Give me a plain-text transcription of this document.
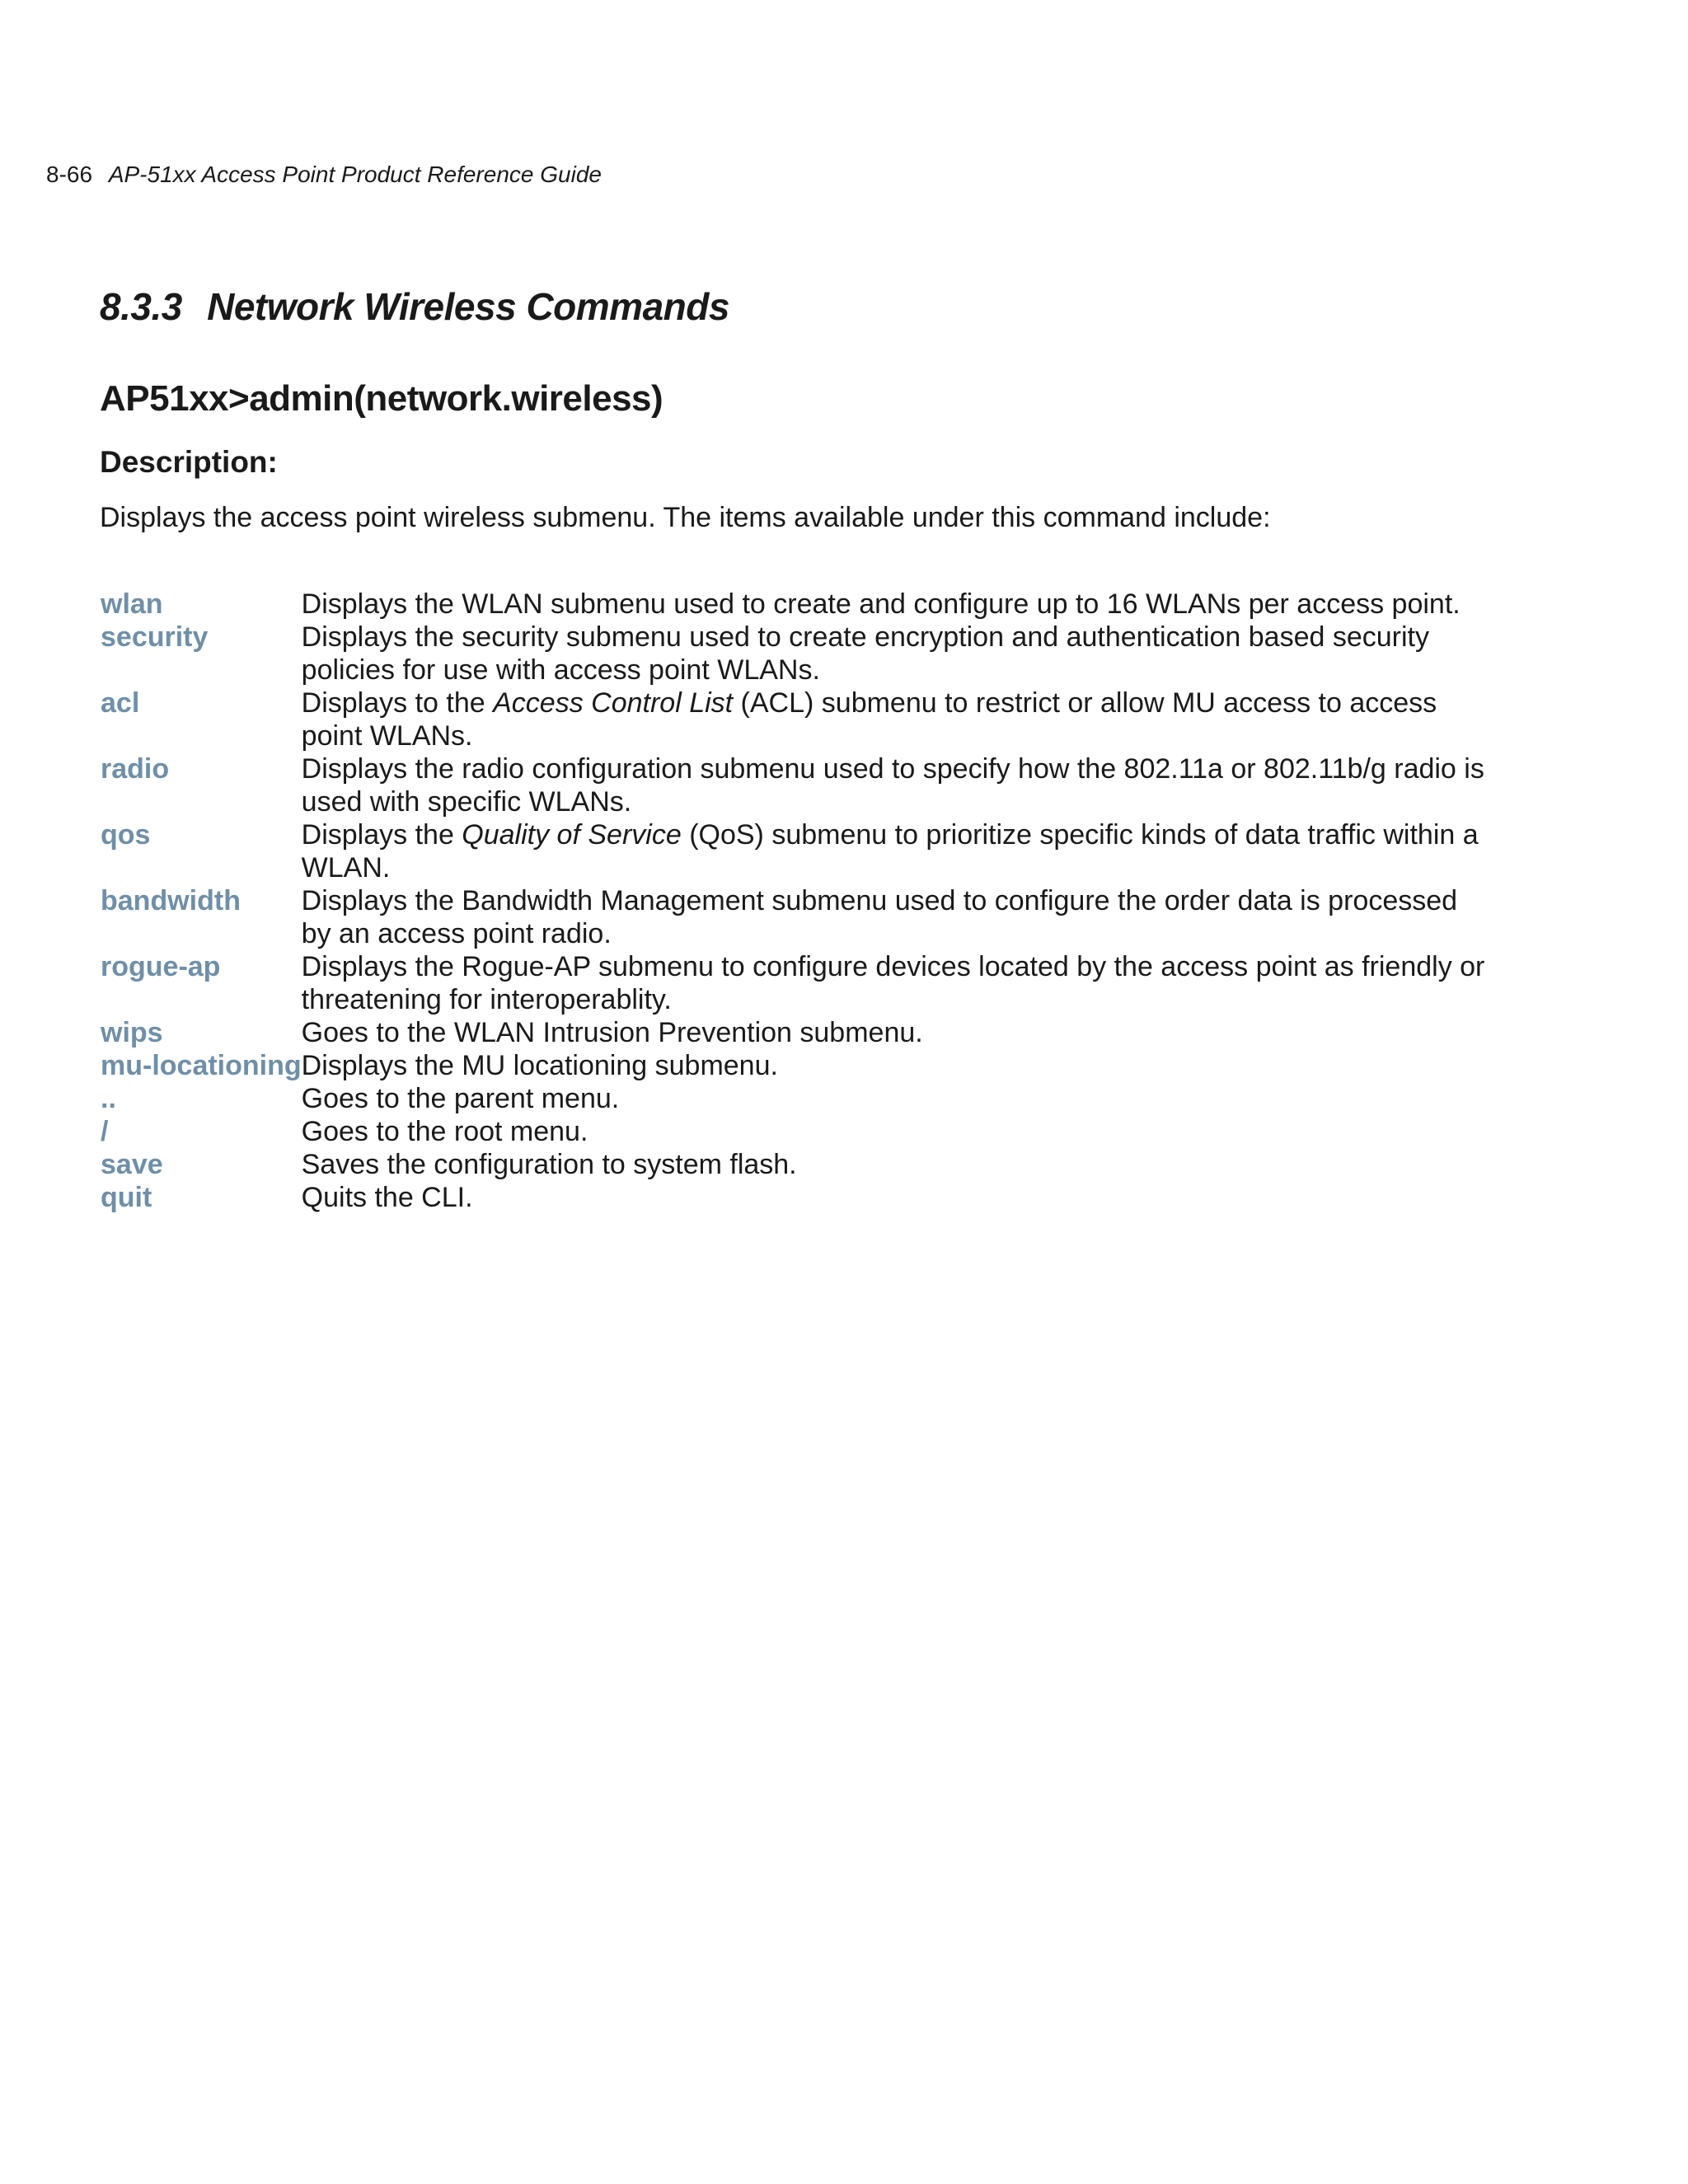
8-66 AP-51xx Access Point Product Reference Guide
8.3.3 Network Wireless Commands
AP51xx>admin(network.wireless)
Description:
Displays the access point wireless submenu. The items available under this command include:
wlan	Displays the WLAN submenu used to create and configure up to 16 WLANs per access point.
security	Displays the security submenu used to create encryption and authentication based security policies for use with access point WLANs.
acl	Displays to the Access Control List (ACL) submenu to restrict or allow MU access to access point WLANs.
radio	Displays the radio configuration submenu used to specify how the 802.11a or 802.11b/g radio is used with specific WLANs.
qos	Displays the Quality of Service (QoS) submenu to prioritize specific kinds of data traffic within a WLAN.
bandwidth	Displays the Bandwidth Management submenu used to configure the order data is processed by an access point radio.
rogue-ap	Displays the Rogue-AP submenu to configure devices located by the access point as friendly or threatening for interoperablity.
wips	Goes to the WLAN Intrusion Prevention submenu.
mu-locationing	Displays the MU locationing submenu.
..	Goes to the parent menu.
/	Goes to the root menu.
save	Saves the configuration to system flash.
quit	Quits the CLI.
